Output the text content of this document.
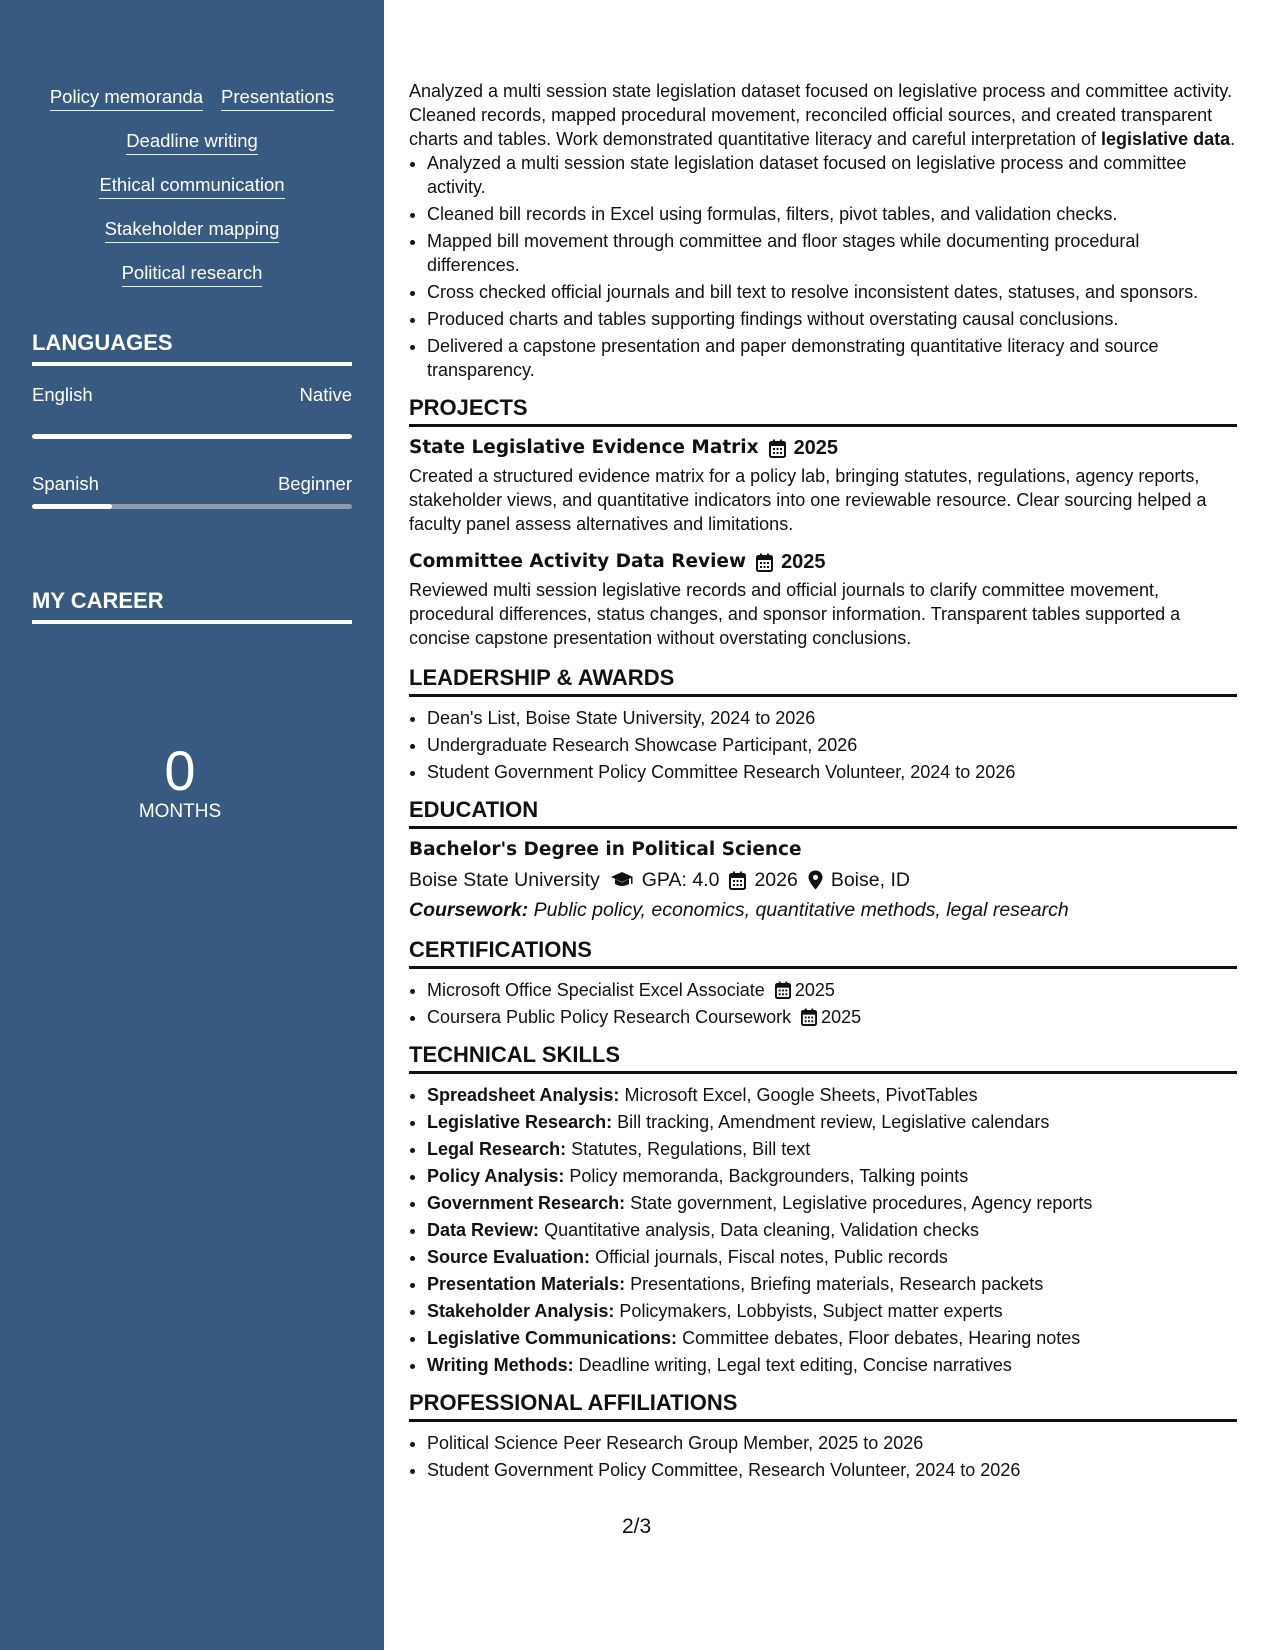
Policy memoranda Presentations
Deadline writing
Ethical communication
Stakeholder mapping
Political research
LANGUAGES
English	Native
Spanish	Beginner
MY CAREER
0
MONTHS

Analyzed a multi session state legislation dataset focused on legislative process and committee activity. Cleaned records, mapped procedural movement, reconciled official sources, and created transparent charts and tables. Work demonstrated quantitative literacy and careful interpretation of legislative data.

• Analyzed a multi session state legislation dataset focused on legislative process and committee activity.
• Cleaned bill records in Excel using formulas, filters, pivot tables, and validation checks.
• Mapped bill movement through committee and floor stages while documenting procedural differences.
• Cross checked official journals and bill text to resolve inconsistent dates, statuses, and sponsors.
• Produced charts and tables supporting findings without overstating causal conclusions.
• Delivered a capstone presentation and paper demonstrating quantitative literacy and source transparency.
PROJECTS
State Legislative Evidence Matrix 2025

Created a structured evidence matrix for a policy lab, bringing statutes, regulations, agency reports, stakeholder views, and quantitative indicators into one reviewable resource. Clear sourcing helped a faculty panel assess alternatives and limitations.

Committee Activity Data Review 2025

Reviewed multi session legislative records and official journals to clarify committee movement, procedural differences, status changes, and sponsor information. Transparent tables supported a concise capstone presentation without overstating conclusions.

LEADERSHIP & AWARDS
• Dean's List, Boise State University, 2024 to 2026
• Undergraduate Research Showcase Participant, 2026
• Student Government Policy Committee Research Volunteer, 2024 to 2026
EDUCATION
Bachelor's Degree in Political Science
Boise State University GPA: 4.0 2026 Boise, ID
Coursework: Public policy, economics, quantitative methods, legal research
CERTIFICATIONS
• Microsoft Office Specialist Excel Associate 2025
• Coursera Public Policy Research Coursework 2025
TECHNICAL SKILLS
• Spreadsheet Analysis: Microsoft Excel, Google Sheets, PivotTables
• Legislative Research: Bill tracking, Amendment review, Legislative calendars
• Legal Research: Statutes, Regulations, Bill text
• Policy Analysis: Policy memoranda, Backgrounders, Talking points
• Government Research: State government, Legislative procedures, Agency reports
• Data Review: Quantitative analysis, Data cleaning, Validation checks
• Source Evaluation: Official journals, Fiscal notes, Public records
• Presentation Materials: Presentations, Briefing materials, Research packets
• Stakeholder Analysis: Policymakers, Lobbyists, Subject matter experts
• Legislative Communications: Committee debates, Floor debates, Hearing notes
• Writing Methods: Deadline writing, Legal text editing, Concise narratives
PROFESSIONAL AFFILIATIONS
• Political Science Peer Research Group Member, 2025 to 2026
• Student Government Policy Committee, Research Volunteer, 2024 to 2026
2/3
